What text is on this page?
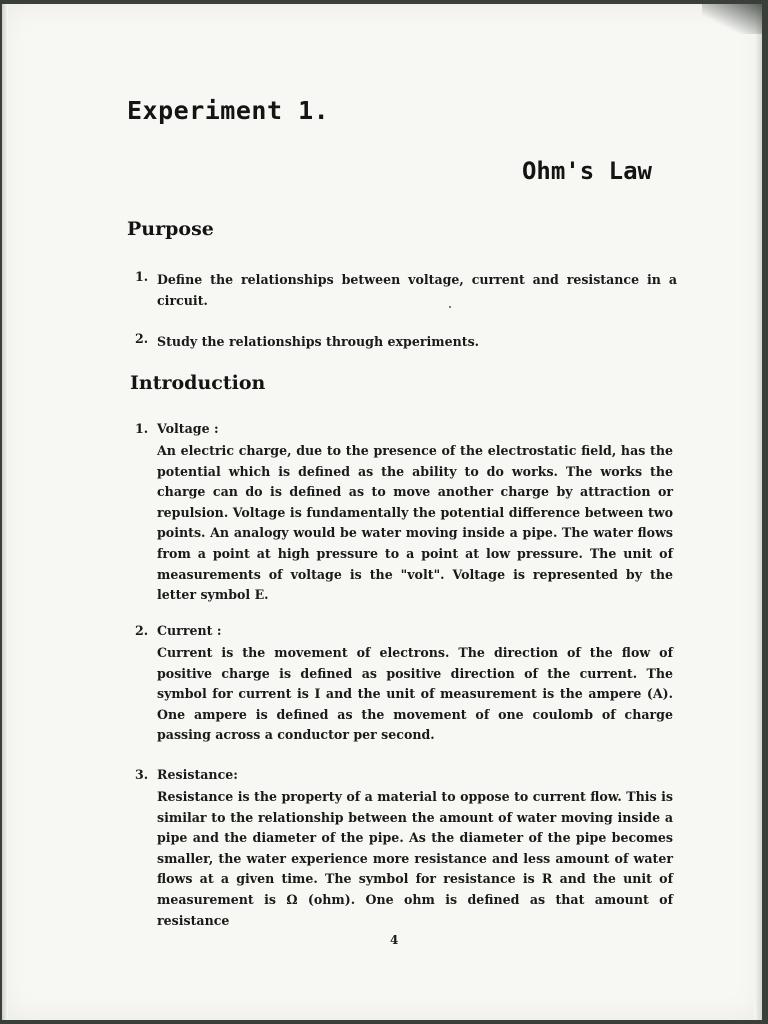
Experiment 1.
Ohm's Law
Purpose
1. Define the relationships between voltage, current and resistance in a circuit.
2. Study the relationships through experiments.
Introduction
1. Voltage :

An electric charge, due to the presence of the electrostatic field, has the potential which is defined as the ability to do works. The works the charge can do is defined as to move another charge by attraction or repulsion. Voltage is fundamentally the potential difference between two points. An analogy would be water moving inside a pipe. The water flows from a point at high pressure to a point at low pressure. The unit of measurements of voltage is the "volt". Voltage is represented by the letter symbol E.

2. Current :

Current is the movement of electrons. The direction of the flow of positive charge is defined as positive direction of the current. The symbol for current is I and the unit of measurement is the ampere (A). One ampere is defined as the movement of one coulomb of charge passing across a conductor per second.

3. Resistance:

Resistance is the property of a material to oppose to current flow. This is similar to the relationship between the amount of water moving inside a pipe and the diameter of the pipe. As the diameter of the pipe becomes smaller, the water experience more resistance and less amount of water flows at a given time. The symbol for resistance is R and the unit of measurement is Ω (ohm). One ohm is defined as that amount of resistance

4
